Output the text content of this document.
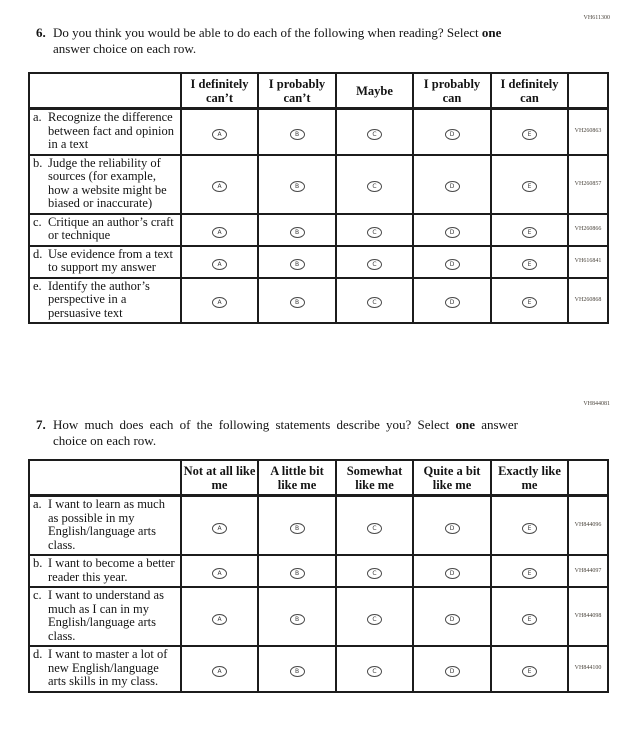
VH611300
6. Do you think you would be able to do each of the following when reading? Select one answer choice on each row.
	I definitely can’t	I probably can’t	Maybe	I probably can	I definitely can	

a. Recognize the difference between fact and opinion in a text	A	B	C	D	E	VH260863

b. Judge the reliability of sources (for example, how a website might be biased or inaccurate)	A	B	C	D	E	VH260857

c. Critique an author’s craft or technique	A	B	C	D	E	VH260866

d. Use evidence from a text to support my answer	A	B	C	D	E	VH616841

e. Identify the author’s perspective in a persuasive text	A	B	C	D	E	VH260868
VH844081
7. How much does each of the following statements describe you? Select one answer choice on each row.
	Not at all like me	A little bit like me	Somewhat like me	Quite a bit like me	Exactly like me	

a. I want to learn as much as possible in my English/language arts class.	A	B	C	D	E	VH844096

b. I want to become a better reader this year.	A	B	C	D	E	VH844097

c. I want to understand as much as I can in my English/language arts class.	A	B	C	D	E	VH844098

d. I want to master a lot of new English/​language arts skills in my class.	A	B	C	D	E	VH844100
